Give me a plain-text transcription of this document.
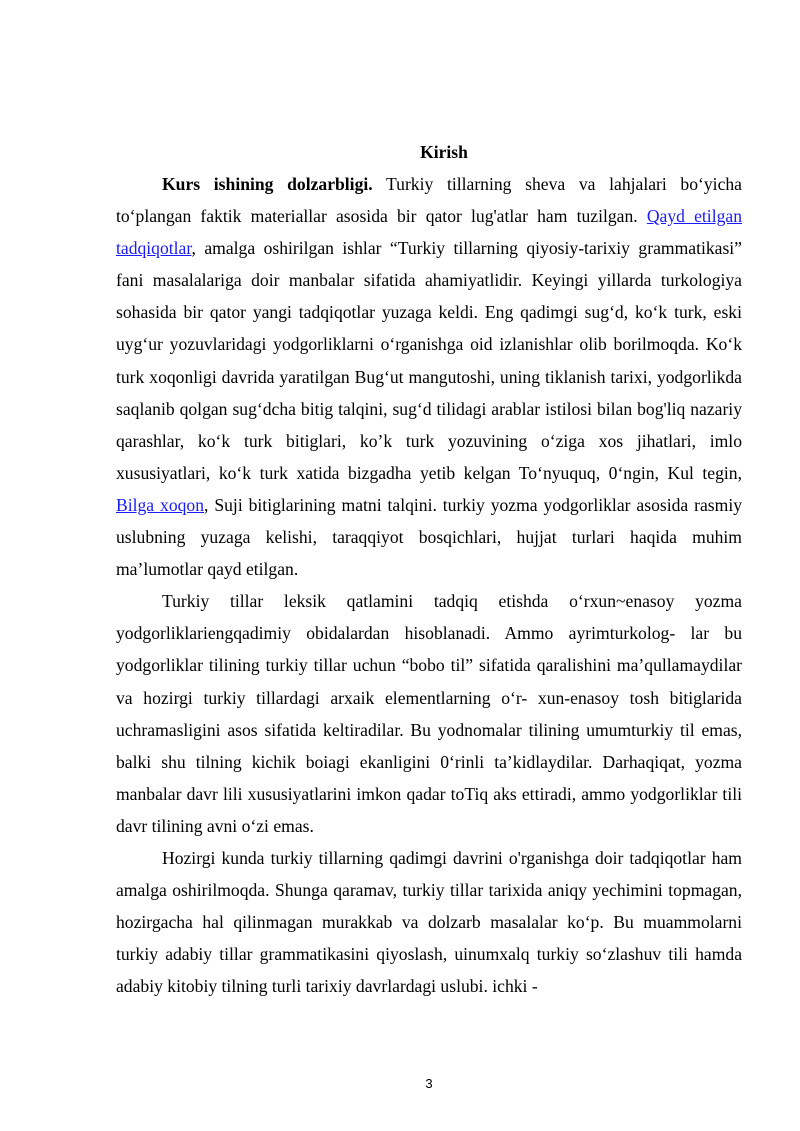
Kirish

Kurs ishining dolzarbligi. Turkiy tillarning sheva va lahjalari bo‘yicha to‘plangan faktik materiallar asosida bir qator lug'atlar ham tuzilgan. Qayd etilgan tadqiqotlar, amalga oshirilgan ishlar “Turkiy tillarning qiyosiy-tarixiy grammatikasi” fani masalalariga doir manbalar sifatida ahamiyatlidir. Keyingi yillarda turkologiya sohasida bir qator yangi tadqiqotlar yuzaga keldi. Eng qadimgi sug‘d, ko‘k turk, eski uyg‘ur yozuvlaridagi yodgorliklarni o‘rganishga oid izlanishlar olib borilmoqda. Ko‘k turk xoqonligi davrida yaratilgan Bug‘ut mangutoshi, uning tiklanish tarixi, yodgorlikda saqlanib qolgan sug‘dcha bitig talqini, sug‘d tilidagi arablar istilosi bilan bog'liq nazariy qarashlar, ko‘k turk bitiglari, ko’k turk yozuvining o‘ziga xos jihatlari, imlo xususiyatlari, ko‘k turk xatida bizgadha yetib kelgan To‘nyuquq, 0‘ngin, Kul tegin, Bilga xoqon, Suji bitiglarining matni talqini. turkiy yozma yodgorliklar asosida rasmiy uslubning yuzaga kelishi, taraqqiyot bosqichlari, hujjat turlari haqida muhim ma’lumotlar qayd etilgan.

Turkiy tillar leksik qatlamini tadqiq etishda o‘rxun~enasoy yozma yodgorliklariengqadimiy obidalardan hisoblanadi. Ammo ayrimturkolog- lar bu yodgorliklar tilining turkiy tillar uchun “bobo til” sifatida qaralishini ma’qullamaydilar va hozirgi turkiy tillardagi arxaik elementlarning o‘r- xun-enasoy tosh bitiglarida uchramasligini asos sifatida keltiradilar. Bu yodnomalar tilining umumturkiy til emas, balki shu tilning kichik boiagi ekanligini 0‘rinli ta’kidlaydilar. Darhaqiqat, yozma manbalar davr lili xususiyatlarini imkon qadar toTiq aks ettiradi, ammo yodgorliklar tili davr tilining avni o‘zi emas.

Hozirgi kunda turkiy tillarning qadimgi davrini o'rganishga doir tadqiqotlar ham amalga oshirilmoqda. Shunga qaramav, turkiy tillar tarixida aniqy yechimini topmagan, hozirgacha hal qilinmagan murakkab va dolzarb masalalar ko‘p. Bu muammolarni turkiy adabiy tillar grammatikasini qiyoslash, uinumxalq turkiy so‘zlashuv tili hamda adabiy kitobiy tilning turli tarixiy davrlardagi uslubi. ichki -

3
